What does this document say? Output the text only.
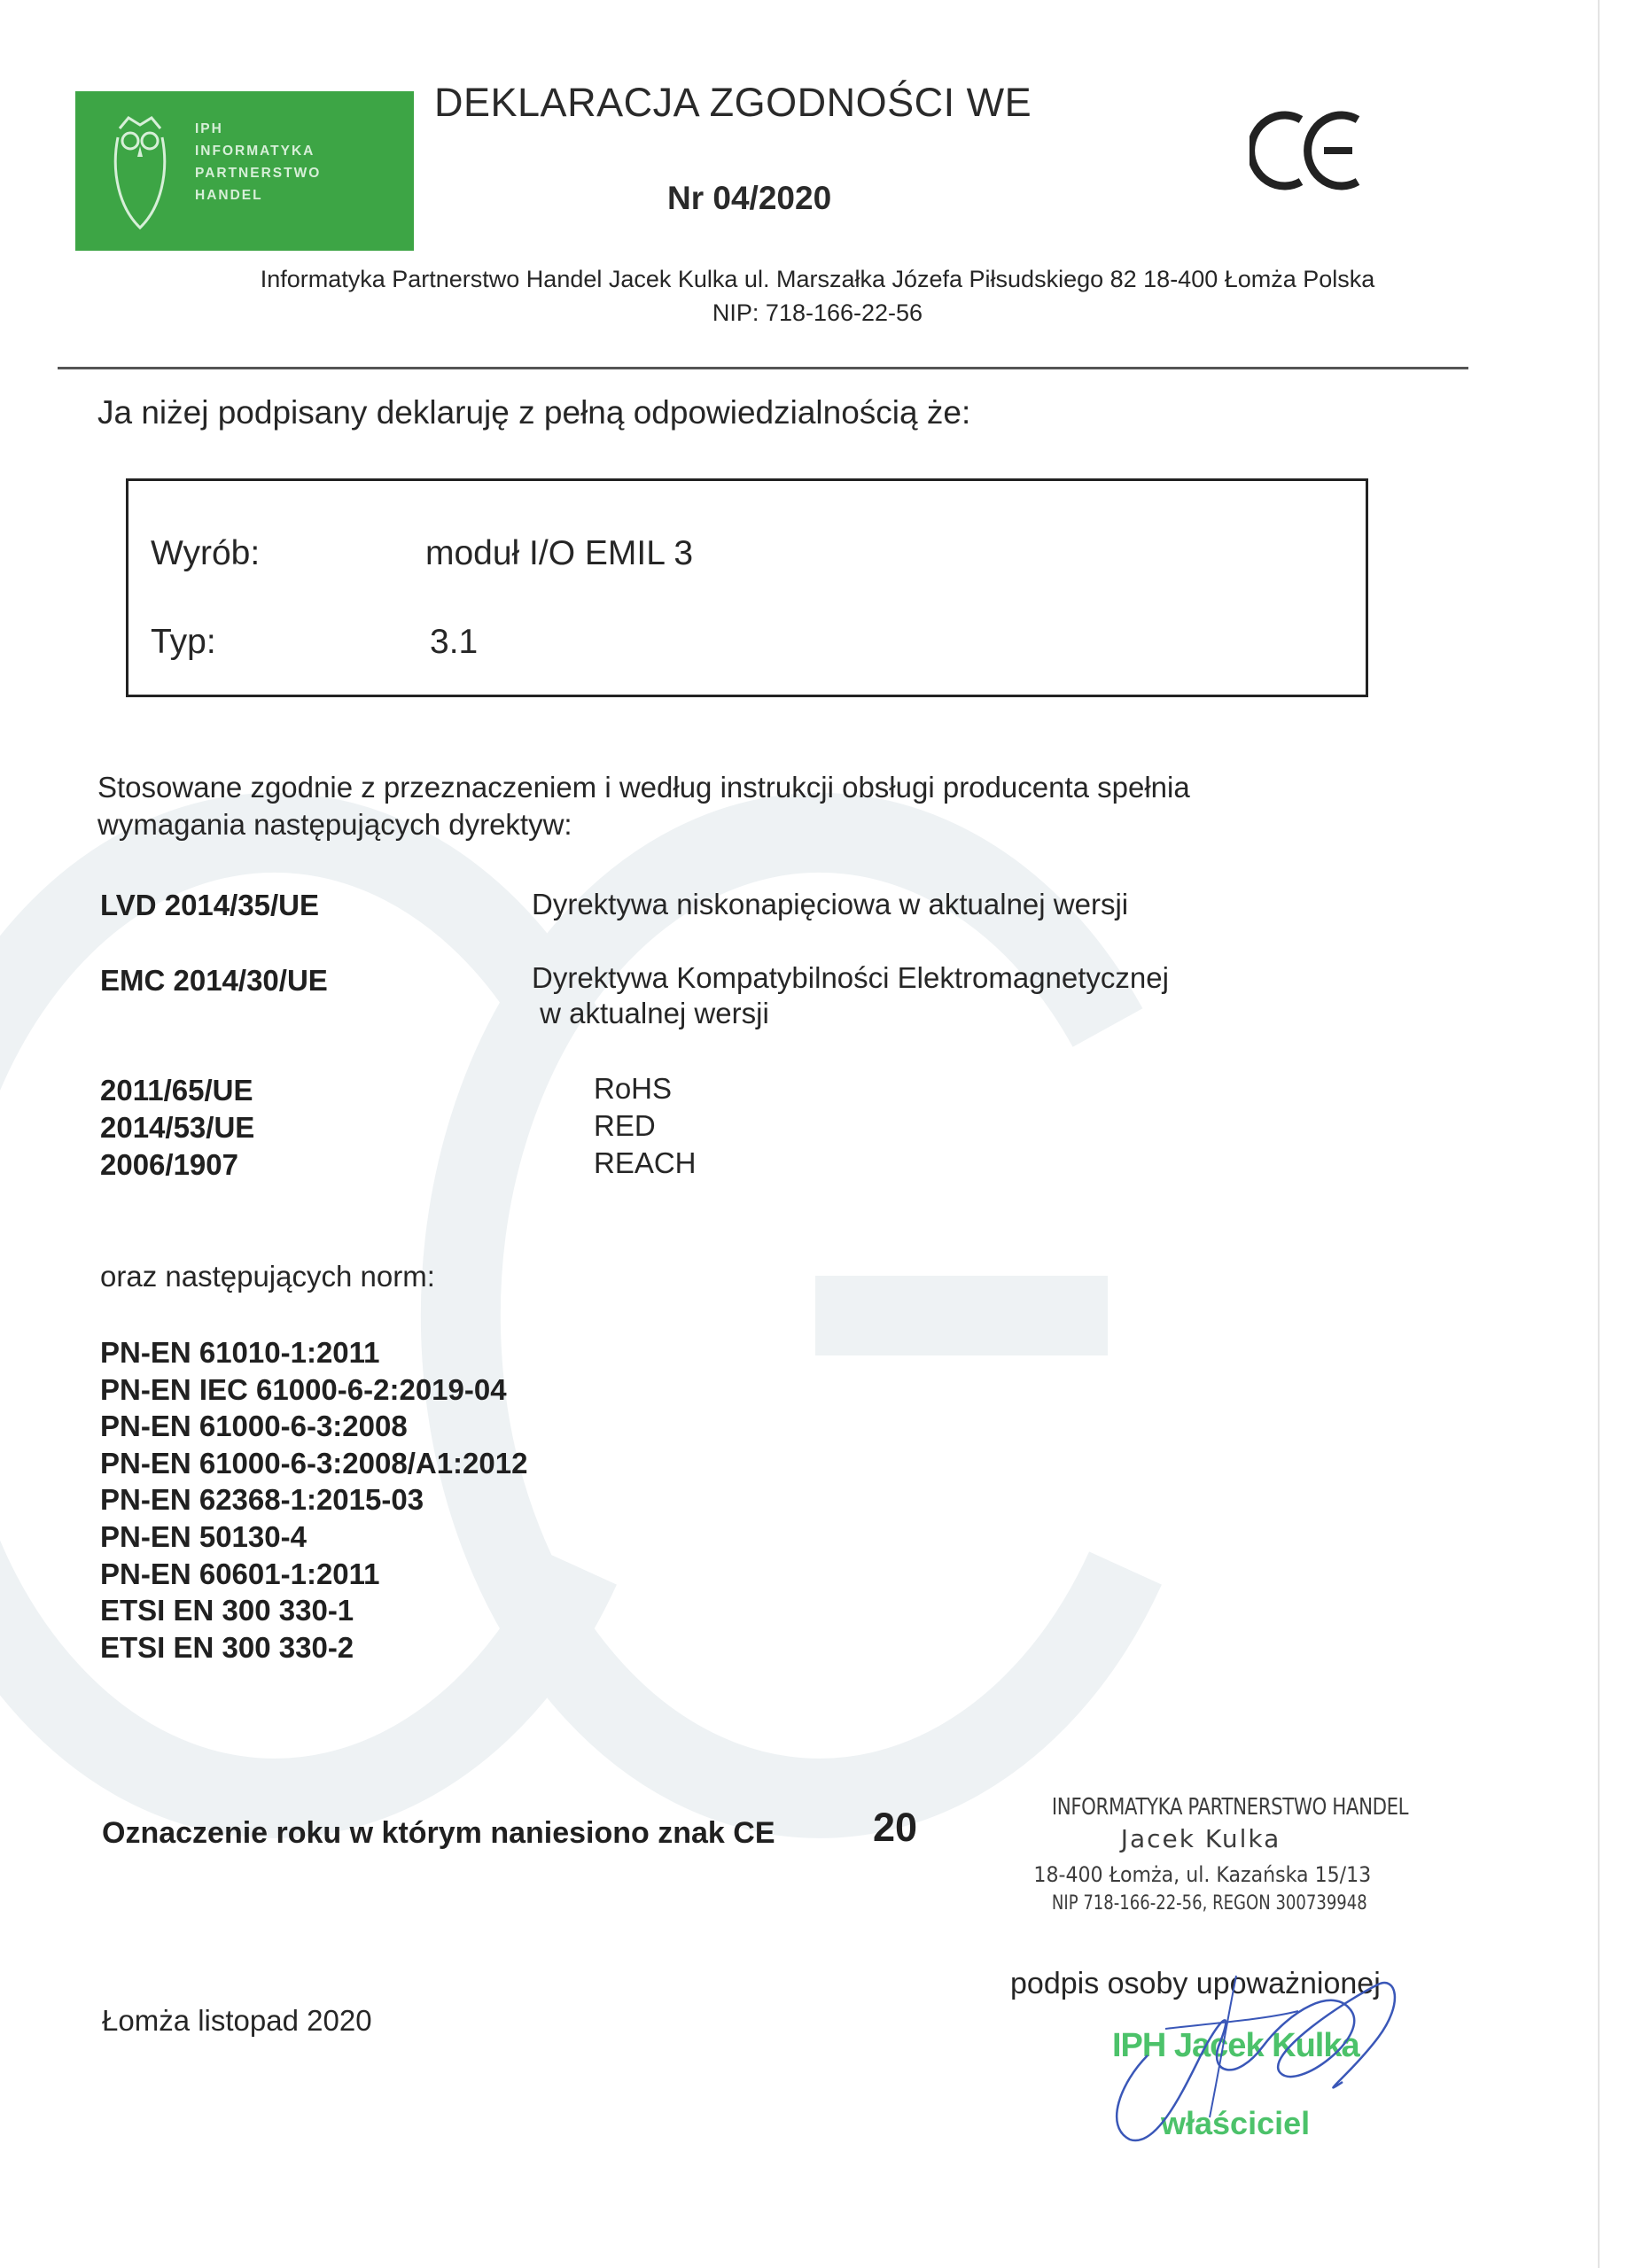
IPH
INFORMATYKA
PARTNERSTWO
HANDEL
DEKLARACJA ZGODNOŚCI WE
Nr 04/2020
Informatyka Partnerstwo Handel Jacek Kulka ul. Marszałka Józefa Piłsudskiego 82 18-400 Łomża Polska
NIP: 718-166-22-56
Ja niżej podpisany deklaruję z pełną odpowiedzialnością że:
Wyrób:	moduł I/O EMIL 3
Typ:	3.1
Stosowane zgodnie z przeznaczeniem i według instrukcji obsługi producenta spełnia
wymagania następujących dyrektyw:
LVD 2014/35/UE	Dyrektywa niskonapięciowa w aktualnej wersji
EMC 2014/30/UE	Dyrektywa Kompatybilności Elektromagnetycznej
w aktualnej wersji
2011/65/UE	RoHS
2014/53/UE	RED
2006/1907	REACH
oraz następujących norm:
PN-EN 61010-1:2011
PN-EN IEC 61000-6-2:2019-04
PN-EN 61000-6-3:2008
PN-EN 61000-6-3:2008/A1:2012
PN-EN 62368-1:2015-03
PN-EN 50130-4
PN-EN 60601-1:2011
ETSI EN 300 330-1
ETSI EN 300 330-2
Oznaczenie roku w którym naniesiono znak CE 20	INFORMATYKA PARTNERSTWO HANDEL
Jacek Kulka
18-400 Łomża, ul. Kazańska 15/13
NIP 718-166-22-56, REGON 300739948
Łomża listopad 2020
podpis osoby upoważnionej
IPH Jacek Kulka
właściciel
